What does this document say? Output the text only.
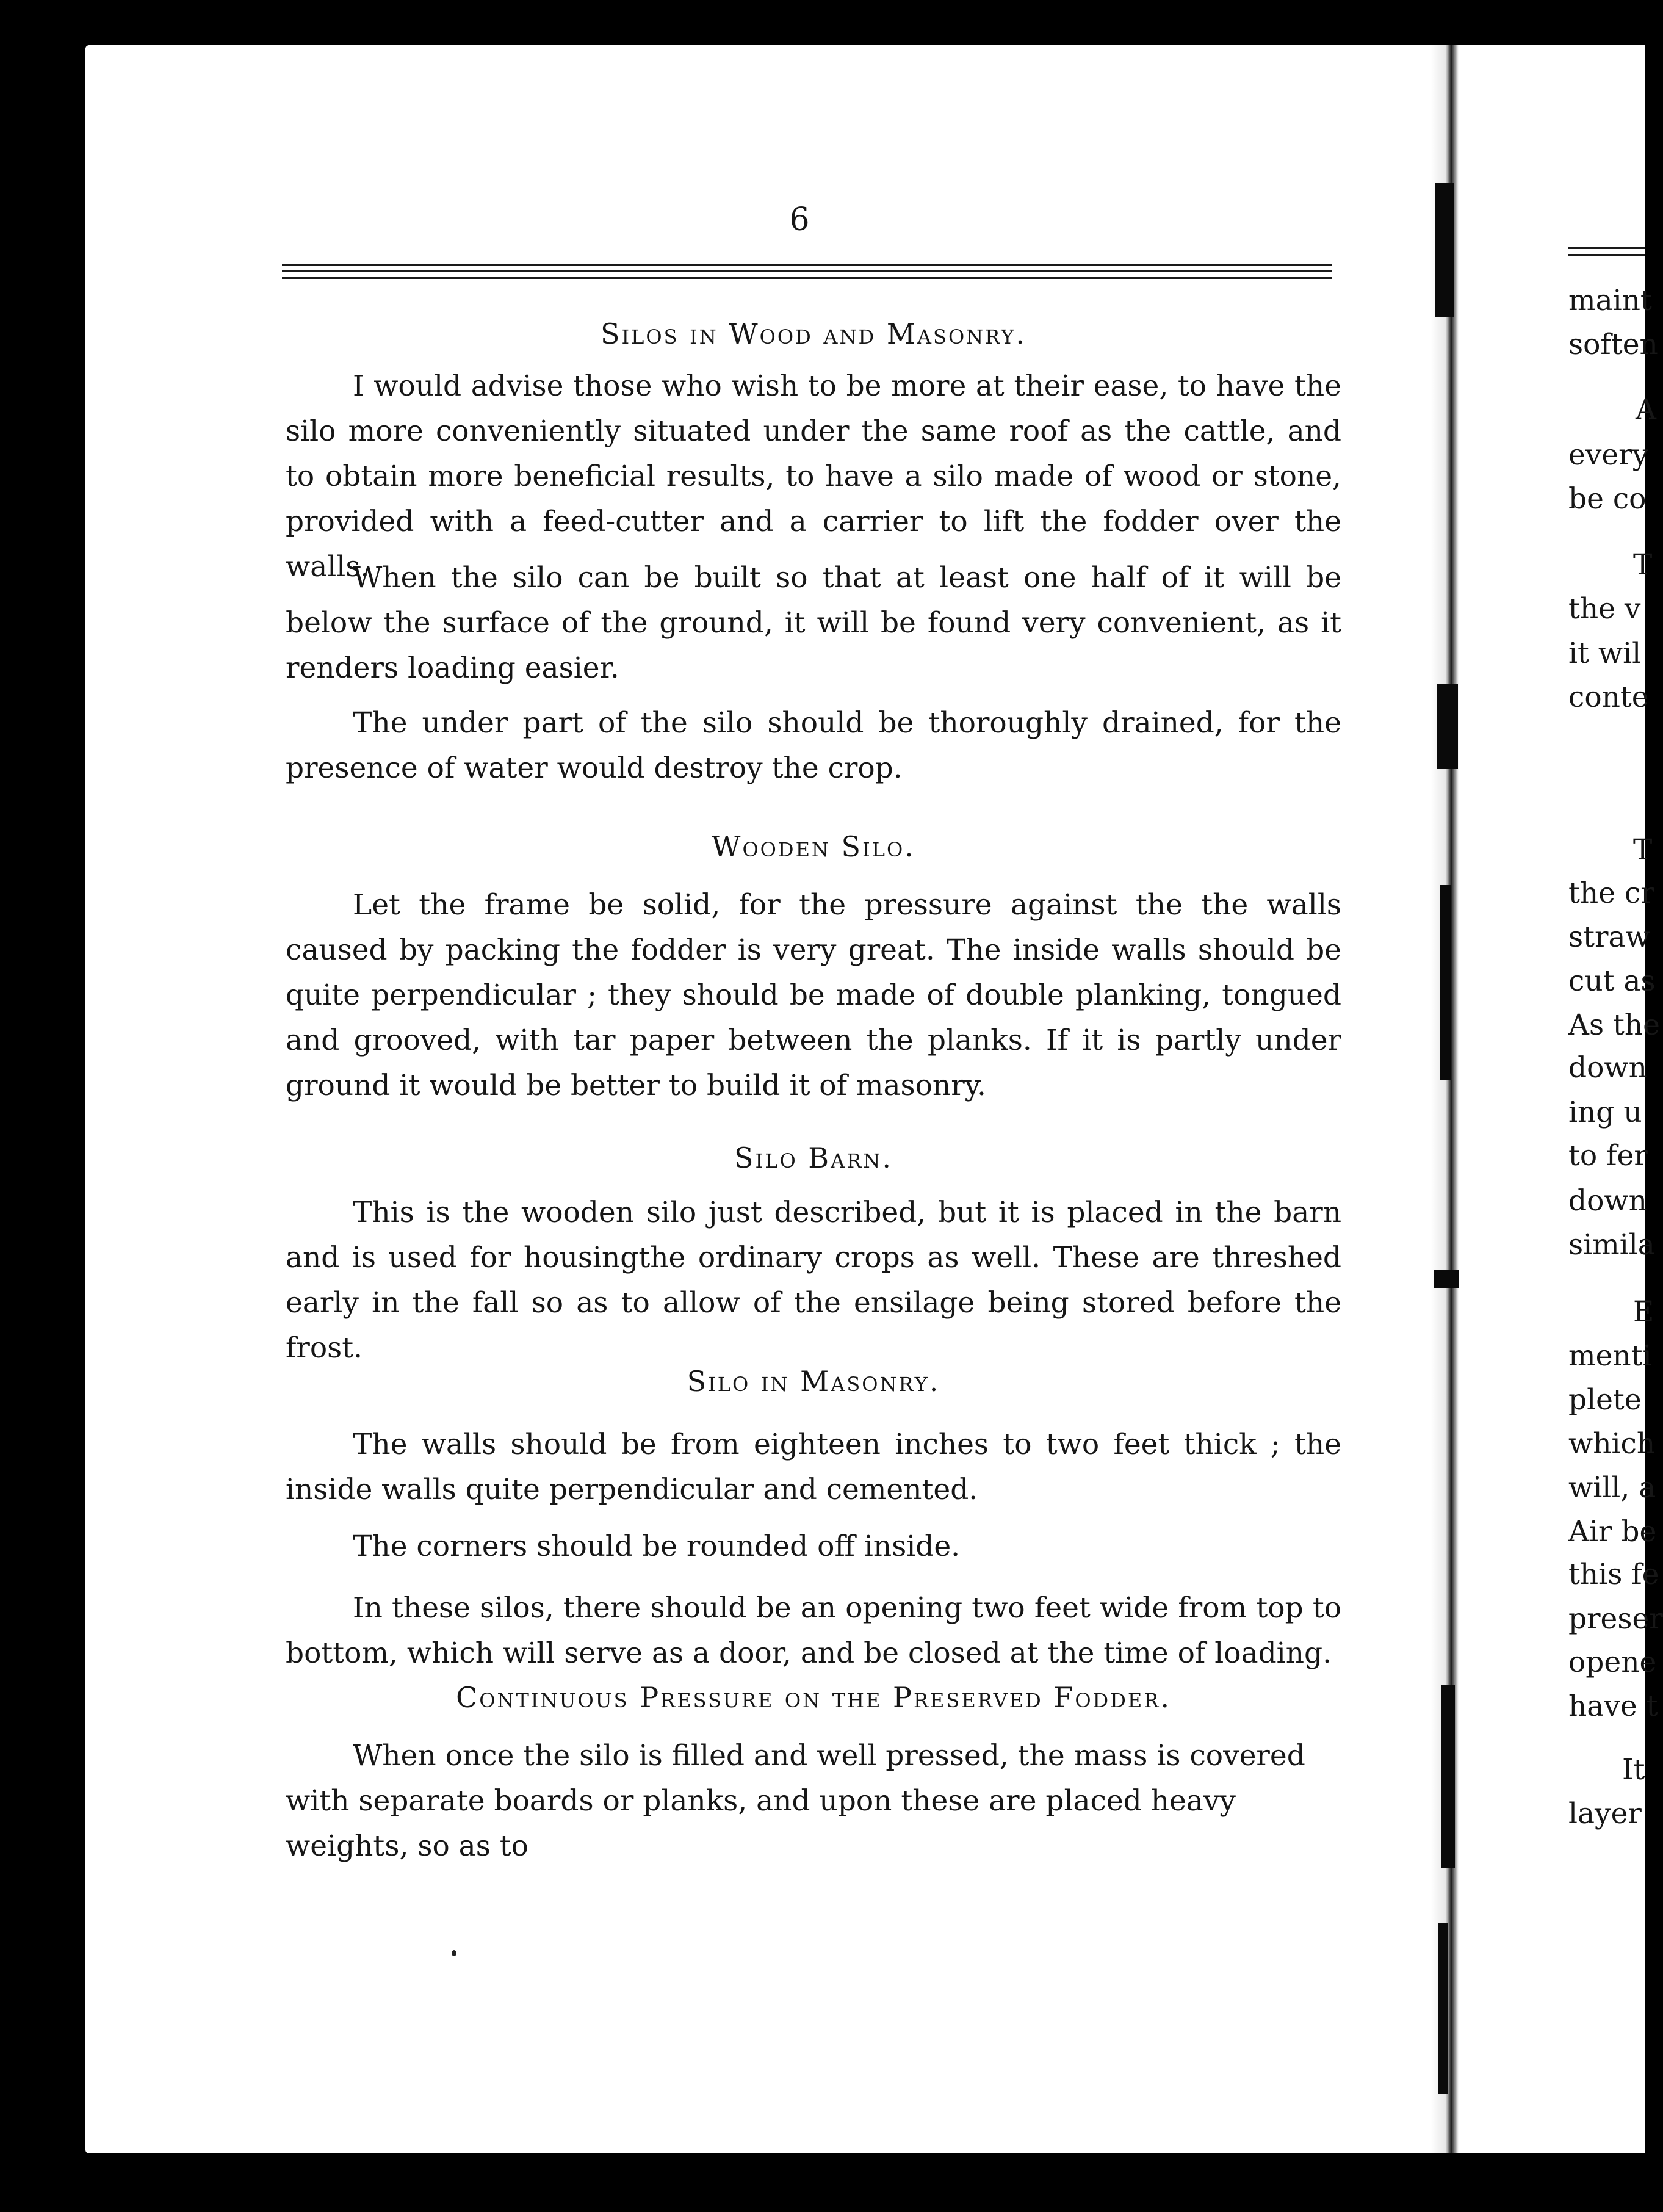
6
Silos in Wood and Masonry.

I would advise those who wish to be more at their ease, to have the silo more conveniently situated under the same roof as the cattle, and to obtain more beneficial results, to have a silo made of wood or stone, provided with a feed-cutter and a carrier to lift the fodder over the walls.

When the silo can be built so that at least one half of it will be below the surface of the ground, it will be found very convenient, as it renders loading easier.

The under part of the silo should be thoroughly drained, for the presence of water would destroy the crop.

Wooden Silo.

Let the frame be solid, for the pressure against the the walls caused by packing the fodder is very great. The inside walls should be quite perpendicular ; they should be made of double planking, tongued and grooved, with tar paper between the planks. If it is partly under ground it would be better to build it of masonry.

Silo Barn.

This is the wooden silo just described, but it is placed in the barn and is used for housingthe ordinary crops as well. These are threshed early in the fall so as to allow of the ensilage being stored before the frost.

Silo in Masonry.

The walls should be from eighteen inches to two feet thick ; the inside walls quite perpendicular and cemented.

The corners should be rounded off inside.

In these silos, there should be an opening two feet wide from top to bottom, which will serve as a door, and be closed at the time of loading.

Continuous Pressure on the Preserved Fodder.

When once the silo is filled and well pressed, the mass is covered with separate boards or planks, and upon these are placed heavy weights, so as to

maint
soften
A
every
be co
T
the v
it wil
conte
T
the cr
straw
cut as
As the
down
ing u
to fer
down
simila
E
menti
plete
which
will, a
Air be
this fe
preser
opene
have t
It
layer
